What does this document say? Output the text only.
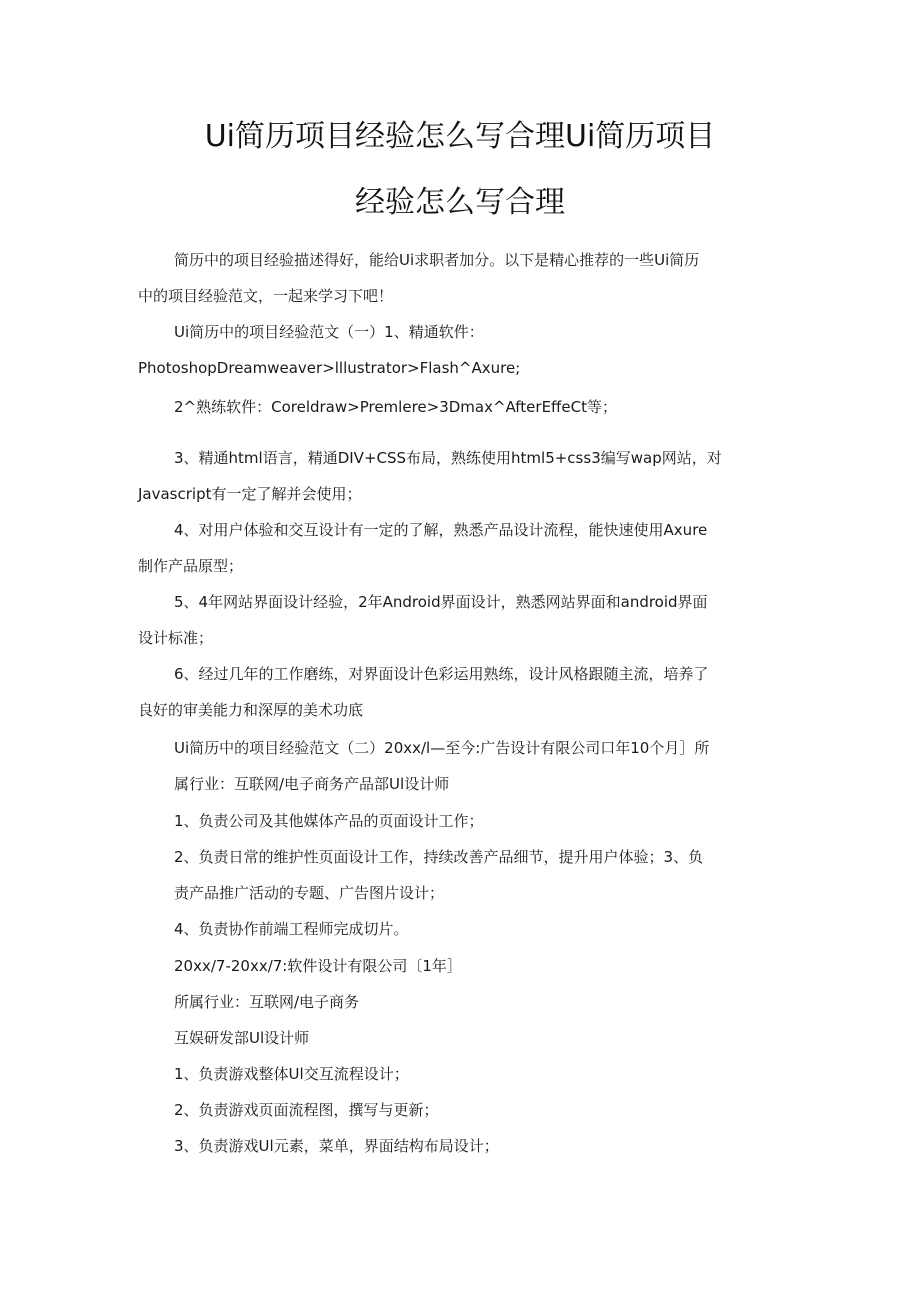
Ui简历项目经验怎么写合理Ui简历项目
经验怎么写合理
简历中的项目经验描述得好，能给Ui求职者加分。以下是精心推荐的一些Ui简历
中的项目经验范文，一起来学习下吧！
Ui简历中的项目经验范文（一）1、精通软件：
PhotoshopDreamweaver>lllustrator>Flash^Axure;
2^熟练软件：Coreldraw>Premlere>3Dmax^AfterEffeCt等；
3、精通html语言，精通DIV+CSS布局，熟练使用html5+css3编写wap网站，对
Javascript有一定了解并会使用；
4、对用户体验和交互设计有一定的了解，熟悉产品设计流程，能快速使用Axure
制作产品原型；
5、4年网站界面设计经验，2年Android界面设计，熟悉网站界面和android界面
设计标准；
6、经过几年的工作磨练，对界面设计色彩运用熟练，设计风格跟随主流，培养了
良好的审美能力和深厚的美术功底
Ui简历中的项目经验范文（二）20xx/l—至今:广告设计有限公司口年10个月］所
属行业：互联网/电子商务产品部Ul设计师
1、负责公司及其他媒体产品的页面设计工作；
2、负责日常的维护性页面设计工作，持续改善产品细节，提升用户体验；3、负
责产品推广活动的专题、广告图片设计；
4、负责协作前端工程师完成切片。
20xx/7-20xx/7:软件设计有限公司〔1年］
所属行业：互联网/电子商务
互娱研发部Ul设计师
1、负责游戏整体Ul交互流程设计；
2、负责游戏页面流程图，撰写与更新；
3、负责游戏Ul元素，菜单，界面结构布局设计；
